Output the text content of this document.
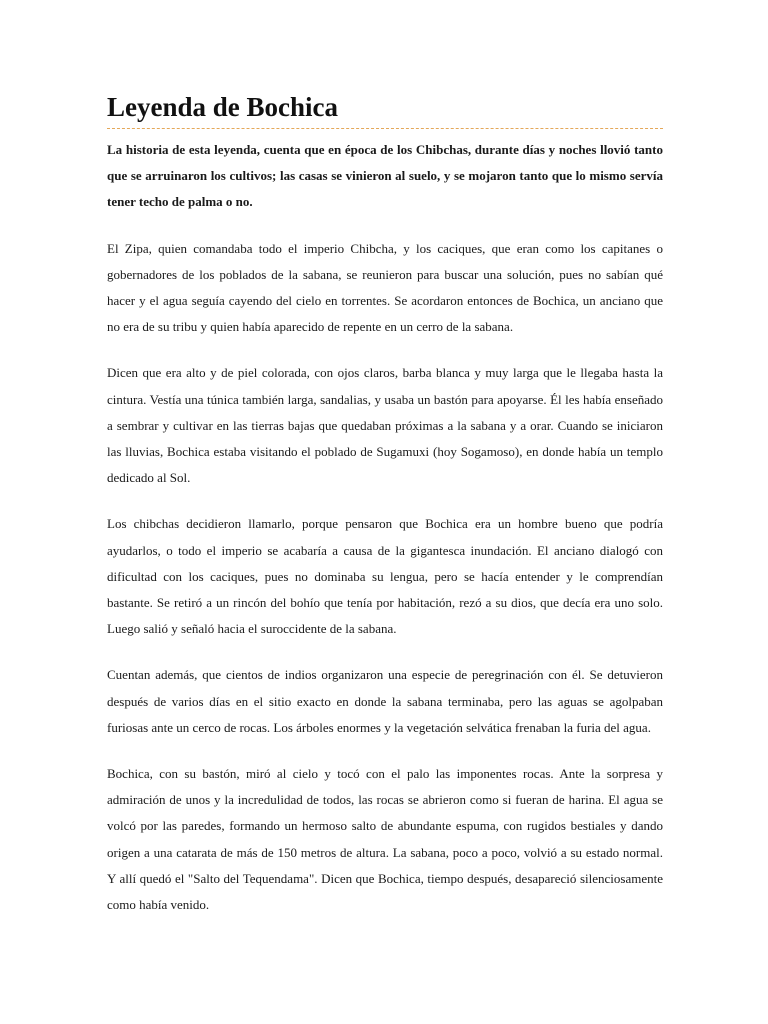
Leyenda de Bochica

La historia de esta leyenda, cuenta que en época de los Chibchas, durante días y noches llovió tanto que se arruinaron los cultivos; las casas se vinieron al suelo, y se mojaron tanto que lo mismo servía tener techo de palma o no.

El Zipa, quien comandaba todo el imperio Chibcha, y los caciques, que eran como los capitanes o gobernadores de los poblados de la sabana, se reunieron para buscar una solución, pues no sabían qué hacer y el agua seguía cayendo del cielo en torrentes. Se acordaron entonces de Bochica, un anciano que no era de su tribu y quien había aparecido de repente en un cerro de la sabana.

Dicen que era alto y de piel colorada, con ojos claros, barba blanca y muy larga que le llegaba hasta la cintura. Vestía una túnica también larga, sandalias, y usaba un bastón para apoyarse. Él les había enseñado a sembrar y cultivar en las tierras bajas que quedaban próximas a la sabana y a orar. Cuando se iniciaron las lluvias, Bochica estaba visitando el poblado de Sugamuxi (hoy Sogamoso), en donde había un templo dedicado al Sol.

Los chibchas decidieron llamarlo, porque pensaron que Bochica era un hombre bueno que podría ayudarlos, o todo el imperio se acabaría a causa de la gigantesca inundación. El anciano dialogó con dificultad con los caciques, pues no dominaba su lengua, pero se hacía entender y le comprendían bastante. Se retiró a un rincón del bohío que tenía por habitación, rezó a su dios, que decía era uno solo. Luego salió y señaló hacia el suroccidente de la sabana.

Cuentan además, que cientos de indios organizaron una especie de peregrinación con él. Se detuvieron después de varios días en el sitio exacto en donde la sabana terminaba, pero las aguas se agolpaban furiosas ante un cerco de rocas. Los árboles enormes y la vegetación selvática frenaban la furia del agua.

Bochica, con su bastón, miró al cielo y tocó con el palo las imponentes rocas. Ante la sorpresa y admiración de unos y la incredulidad de todos, las rocas se abrieron como si fueran de harina. El agua se volcó por las paredes, formando un hermoso salto de abundante espuma, con rugidos bestiales y dando origen a una catarata de más de 150 metros de altura. La sabana, poco a poco, volvió a su estado normal. Y allí quedó el "Salto del Tequendama". Dicen que Bochica, tiempo después, desapareció silenciosamente como había venido.
